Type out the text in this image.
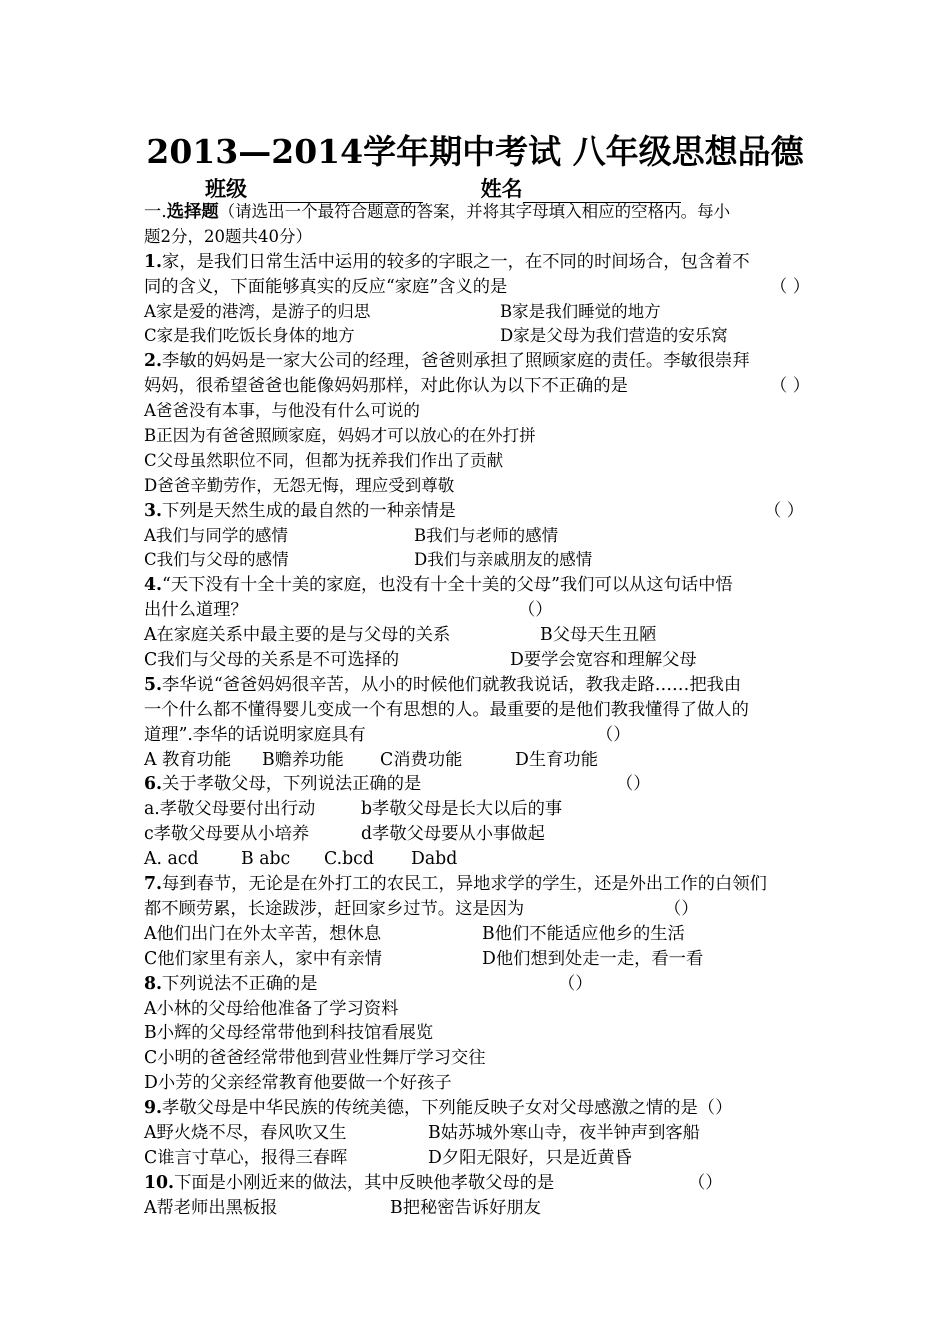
2013—2014学年期中考试 八年级思想品德
班级	姓名
一.选择题（请选出一个最符合题意的答案，并将其字母填入相应的空格内。每小
题2分，20题共40分）
1.家，是我们日常生活中运用的较多的字眼之一，在不同的时间场合，包含着不
同的含义，下面能够真实的反应“家庭”含义的是	（ ）
A家是爱的港湾，是游子的归思	B家是我们睡觉的地方
C家是我们吃饭长身体的地方	D家是父母为我们营造的安乐窝
2.李敏的妈妈是一家大公司的经理，爸爸则承担了照顾家庭的责任。李敏很崇拜
妈妈，很希望爸爸也能像妈妈那样，对此你认为以下不正确的是	（ ）
A爸爸没有本事，与他没有什么可说的
B正因为有爸爸照顾家庭，妈妈才可以放心的在外打拼
C父母虽然职位不同，但都为抚养我们作出了贡献
D爸爸辛勤劳作，无怨无悔，理应受到尊敬
3.下列是天然生成的最自然的一种亲情是	（ ）
A我们与同学的感情	B我们与老师的感情
C我们与父母的感情	D我们与亲戚朋友的感情
4.“天下没有十全十美的家庭，也没有十全十美的父母”我们可以从这句话中悟
出什么道理？	（）
A在家庭关系中最主要的是与父母的关系	B父母天生丑陋
C我们与父母的关系是不可选择的	D要学会宽容和理解父母
5.李华说“爸爸妈妈很辛苦，从小的时候他们就教我说话，教我走路……把我由
一个什么都不懂得婴儿变成一个有思想的人。最重要的是他们教我懂得了做人的
道理”.李华的话说明家庭具有	（）
A 教育功能 B赡养功能 C消费功能	D生育功能
6.关于孝敬父母，下列说法正确的是	（）
a.孝敬父母要付出行动	b孝敬父母是长大以后的事
c孝敬父母要从小培养	d孝敬父母要从小事做起
A. acd B abc C.bcd Dabd
7.每到春节，无论是在外打工的农民工，异地求学的学生，还是外出工作的白领们
都不顾劳累，长途跋涉，赶回家乡过节。这是因为	（）
A他们出门在外太辛苦，想休息	B他们不能适应他乡的生活
C他们家里有亲人，家中有亲情	D他们想到处走一走，看一看
8.下列说法不正确的是	（）
A小林的父母给他准备了学习资料
B小辉的父母经常带他到科技馆看展览
C小明的爸爸经常带他到营业性舞厅学习交往
D小芳的父亲经常教育他要做一个好孩子
9.孝敬父母是中华民族的传统美德，下列能反映子女对父母感激之情的是（）
A野火烧不尽，春风吹又生	B姑苏城外寒山寺，夜半钟声到客船
C谁言寸草心，报得三春晖	D夕阳无限好，只是近黄昏
10.下面是小刚近来的做法，其中反映他孝敬父母的是	（）
A帮老师出黑板报	B把秘密告诉好朋友
